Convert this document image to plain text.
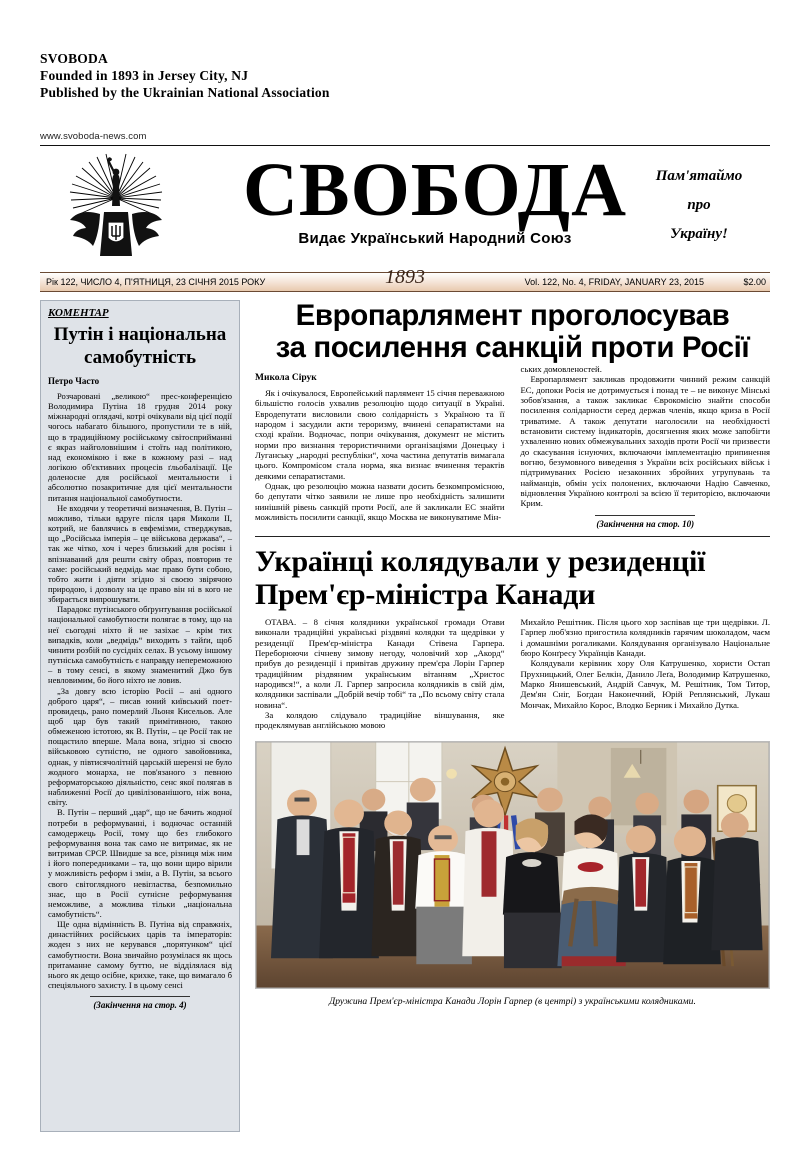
SVOBODA
Founded in 1893 in Jersey City, NJ
Published by the Ukrainian National Association
www.svoboda-news.com
СВОБОДА
Видає Український Народний Союз
Пам'ятаймо
про
Україну!
Рік 122, ЧИСЛО 4, П'ЯТНИЦЯ, 23 СІЧНЯ 2015 РОКУ	1893	Vol. 122, No. 4, FRIDAY, JANUARY 23, 2015	$2.00
КОМЕНТАР
Путін і національна самобутність
Петро Часто

Розчаровані „великою“ прес-конференцією Володимира Путіна 18 грудня 2014 року міжнародні оглядачі, котрі очікували від цієї події чогось набагато більшого, пропустили те в ній, що в традиційному російському світосприйманні є якраз найголовнішим і стоїть над політикою, над економікою і вже в кожному разі – над логікою об'єктивних процесів ґльобалізації. Це доленосне для російської ментальности і абсолютно позакритичне для цієї ментальности питання національної самобутности.

Не входячи у теоретичні визначення, В. Путін – можливо, тільки вдруге після царя Миколи ІІ, котрий, не бавлячись в евфемізми, стверджував, що „Російська імперія – це військова держава“, – так же чітко, хоч і через близький для росіян і впізнаваний для решти світу образ, повторив те саме: російський ведмідь має право бути собою, тобто жити і діяти згідно зі своєю звірячою природою, і дозволу на це право він ні в кого не збирається випрошувати.

Парадокс путінського обґрунтування російської національної самобутности полягає в тому, що на неї сьогодні ніхто й не зазіхає – крім тих випадків, коли „ведмідь“ виходить з тайґи, щоб чинити розбій по сусідніх селах. В усьому іншому путніська самобутність є направду непереможною – в тому сенсі, в якому знаменитий Джо був невловимим, бо його ніхто не ловив.

„За довгу всю історію Росії – ані одного доброго царя“, – писав юний київський поет-провидець, рано померлий Льоня Кисельов. Але щоб цар був такий примітивною, такою обмеженою істотою, як В. Путін, – це Росії так не пощастило вперше. Мала вона, згідно зі своєю військовою сутністю, не одного завойовника, однак, у півтисячолітній царській шерензі не було жодного монарха, не пов'язаного з певною реформаторською діяльністю, сенс якої полягав в наближенні Росії до цивілізованішого, ніж вона, світу.

В. Путін – перший „цар“, що не бачить жодної потреби в реформуванні, і водночас останній самодержець Росії, тому що без глибокого реформування вона так само не витримає, як не витримав СРСР. Швидше за все, різниця між ним і його попередниками – та, що вони щиро вірили у можливість реформ і змін, а В. Путін, за всього свого світоглядного невігластва, безпомильно знає, що в Росії сутнісне реформування неможливе, а можлива тільки „національна самобутність“.

Ще одна відмінність В. Путіна від справжніх, династійних російських царів та імператорів: жоден з них не керувався „порятунком“ цієї самобутности. Вона звичайно розумілася як щось притаманне самому буттю, не відділялася від нього як дещо осібне, крихке, таке, що вимагало б спеціяльного захисту. І в цьому сенсі

(Закінчення на стор. 4)
Европарлямент проголосував
за посилення санкцій проти Росії
Микола Сірук

Як і очікувалося, Европейський парлямент 15 січня переважною більшістю голосів ухвалив резолюцію щодо ситуації в Україні. Евродепутати висловили свою солідарність з Україною та її народом і засудили акти тероризму, вчинені сепаратистами на сході країни. Водночас, попри очікування, документ не містить норми про визнання терористичними організаціями Донецьку і Луганську „народні республіки“, хоча частина депутатів вимагала цього. Компромісом стала норма, яка визнає вчинення терактів деякими сепаратистами.

Однак, цю резолюцію можна назвати досить безкомпромісною, бо депутати чітко заявили не лише про необхідність залишити нинішній рівень санкцій проти Росії, але й закликали ЕС знайти можливість посилити санкції, якщо Москва не виконуватиме Мін-

ських домовленостей.

Европарлямент закликав продовжити чинний режим санкцій ЕС, допоки Росія не дотримується і понад те – не виконує Мінські зобов'язання, а також закликає Єврокомісію знайти способи посилення солідарности серед держав членів, якщо криза в Росії триватиме. А також депутати наголосили на необхідності встановити систему індикаторів, досягнення яких може запобігти ухваленню нових обмежувальних заходів проти Росії чи призвести до скасування існуючих, включаючи імплементацію припинення вогню, безумовного виведення з України всіх російських військ і підтримуваних Росією незаконних збройних угрупувань та найманців, обмін усіх полонених, включаючи Надію Савченко, відновлення Україною контролі за всією її територією, включаючи Крим.

(Закінчення на стор. 10)
Українці колядували у резиденції
Прем'єр-міністра Канади

ОТАВА. – 8 січня колядники української громади Отави виконали традиційні українські різдвяні колядки та щедрівки у резиденції Прем'єр-міністра Канади Стівена Гарпера. Переборюючи січневу зимову негоду, чоловічий хор „Акорд“ прибув до резиденції і привітав дружину прем'єра Лорін Гарпер традиційним різдвяним українським вітанням „Христос народився!“, а коли Л. Гарпер запросила колядників в свій дім, колядники заспівали „Добрій вечір тобі“ та „По всьому світу стала новина“.

За колядою слідувало традиційне віншування, яке продеклямував англійською мовою

Михайло Решітник. Після цього хор заспівав ще три щедрівки. Л. Гарпер люб'язно пригостила колядників гарячим шоколадом, чаєм і домашніми рогаликами. Колядування організувало Національне бюро Конґресу Українців Канади.

Колядували керівник хору Оля Катрушенко, хористи Остап Прухницький, Олег Белкін, Данило Леґа, Володимир Катрушенко, Марко Янишевський, Андрій Савчук, М. Решітник, Том Титор, Дем'ян Сніг, Богдан Наконечний, Юрій Реплянський, Лукаш Мончак, Михайло Корос, Влодко Берник і Михайло Дутка.

Дружина Прем'єр-міністра Канади Лорін Гарпер (в центрі) з українськими колядниками.
